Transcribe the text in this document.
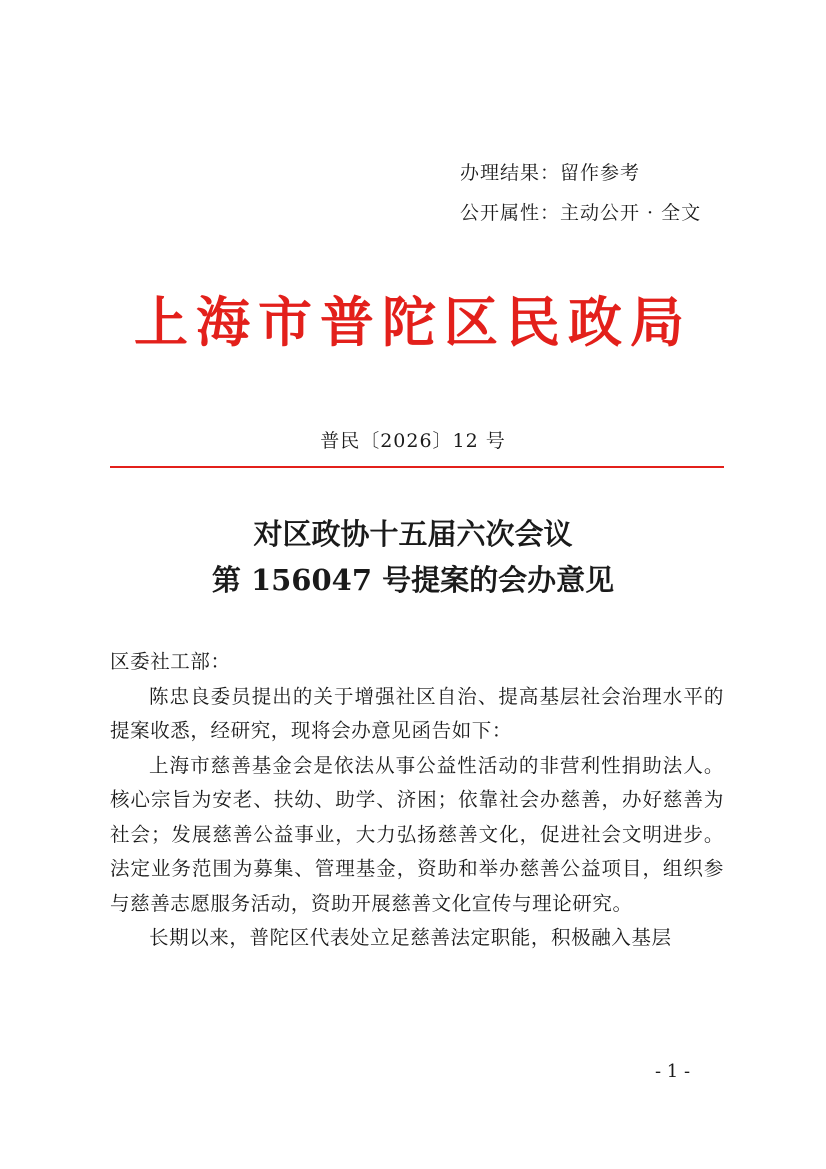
办理结果：留作参考
公开属性：主动公开 · 全文
上海市普陀区民政局
普民〔2026〕12 号
对区政协十五届六次会议
第 156047 号提案的会办意见

区委社工部：

陈忠良委员提出的关于增强社区自治、提高基层社会治理水平的提案收悉，经研究，现将会办意见函告如下：

上海市慈善基金会是依法从事公益性活动的非营利性捐助法人。核心宗旨为安老、扶幼、助学、济困；依靠社会办慈善，办好慈善为社会；发展慈善公益事业，大力弘扬慈善文化，促进社会文明进步。法定业务范围为募集、管理基金，资助和举办慈善公益项目，组织参与慈善志愿服务活动，资助开展慈善文化宣传与理论研究。

长期以来，普陀区代表处立足慈善法定职能，积极融入基层

- 1 -
